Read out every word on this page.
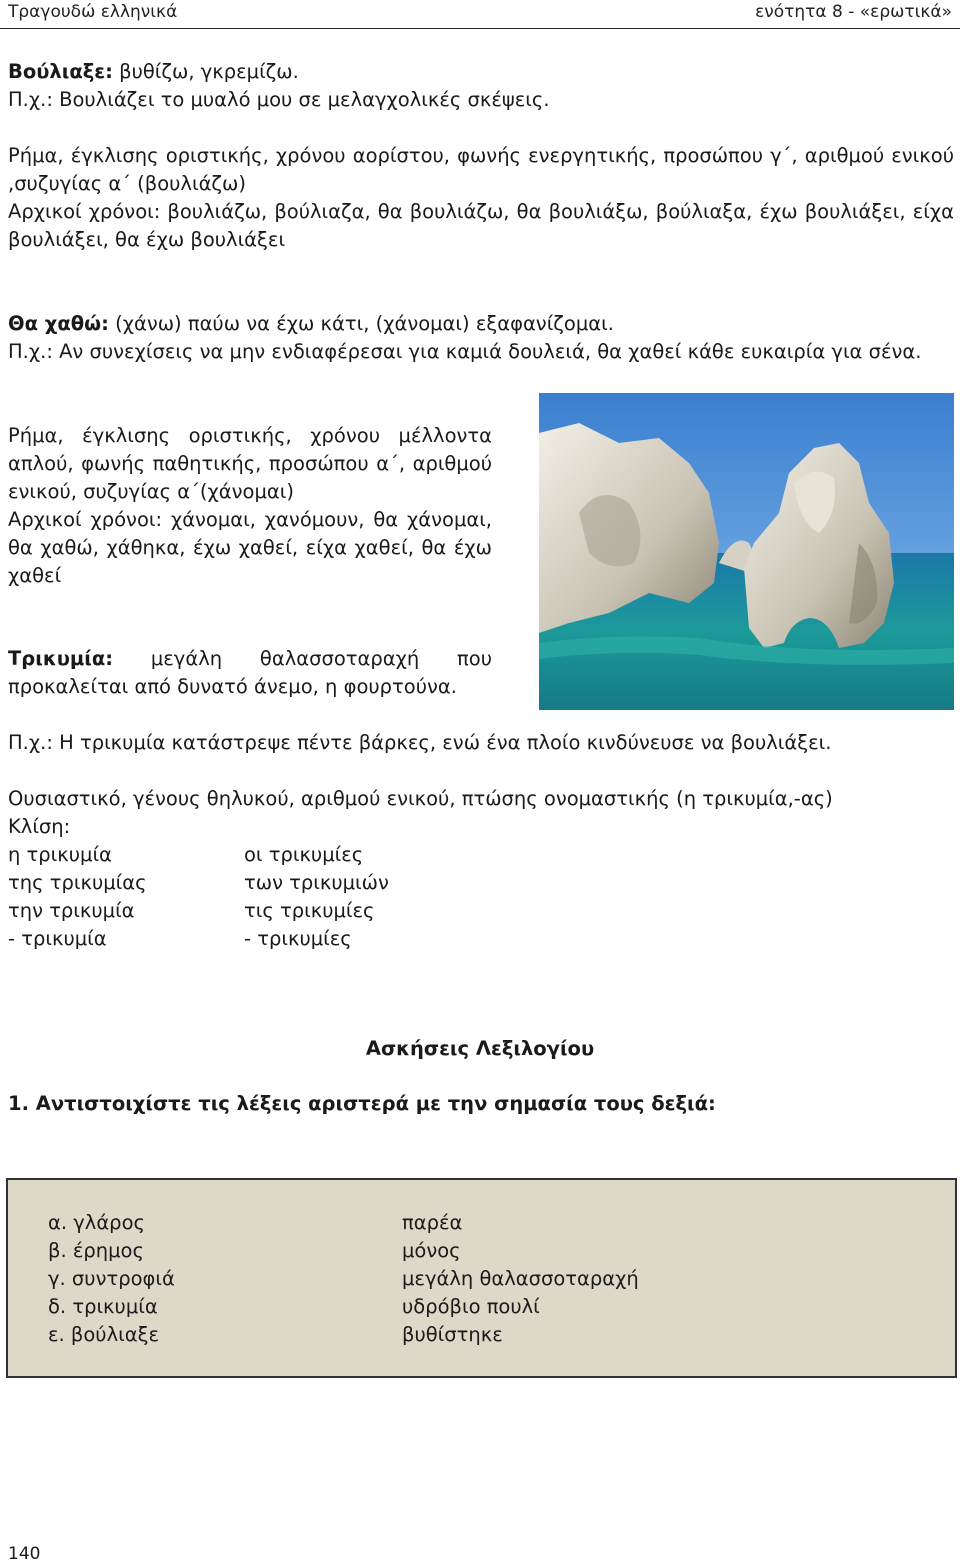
Τραγουδώ ελληνικά	ενότητα 8 - «ερωτικά»

Βούλιαξε: βυθίζω, γκρεμίζω.

Π.χ.: Βουλιάζει το μυαλό μου σε μελαγχολικές σκέψεις.

Ρήμα, έγκλισης οριστικής, χρόνου αορίστου, φωνής ενεργητικής, προσώπου γ΄, αριθμού ενικού ,συζυγίας α΄ (βουλιάζω)

Αρχικοί χρόνοι: βουλιάζω, βούλιαζα, θα βουλιάζω, θα βουλιάξω, βούλιαξα, έχω βουλιάξει, είχα βουλιάξει, θα έχω βουλιάξει

Θα χαθώ: (χάνω) παύω να έχω κάτι, (χάνομαι) εξαφανίζομαι.

Π.χ.: Αν συνεχίσεις να μην ενδιαφέρεσαι για καμιά δουλειά, θα χαθεί κάθε ευκαιρία για σένα.

Ρήμα, έγκλισης οριστικής, χρόνου μέλλοντα απλού, φωνής παθητικής, προσώπου α΄, αριθμού ενικού, συζυγίας α΄(χάνομαι)

Αρχικοί χρόνοι: χάνομαι, χανόμουν, θα χάνομαι, θα χαθώ, χάθηκα, έχω χαθεί, είχα χαθεί, θα έχω χαθεί

Τρικυμία: μεγάλη θαλασσοταραχή που προκαλείται από δυνατό άνεμο, η φουρτούνα.

Π.χ.: Η τρικυμία κατάστρεψε πέντε βάρκες, ενώ ένα πλοίο κινδύνευσε να βουλιάξει.

Ουσιαστικό, γένους θηλυκού, αριθμού ενικού, πτώσης ονομαστικής (η τρικυμία,-ας)

Κλίση:

η τρικυμία	οι τρικυμίες
της τρικυμίας	των τρικυμιών
την τρικυμία	τις τρικυμίες
- τρικυμία	- τρικυμίες
Ασκήσεις Λεξιλογίου
1. Αντιστοιχίστε τις λέξεις αριστερά με την σημασία τους δεξιά:
α. γλάρος	παρέα
β. έρημος	μόνος
γ. συντροφιά	μεγάλη θαλασσοταραχή
δ. τρικυμία	υδρόβιο πουλί
ε. βούλιαξε	βυθίστηκε
140
